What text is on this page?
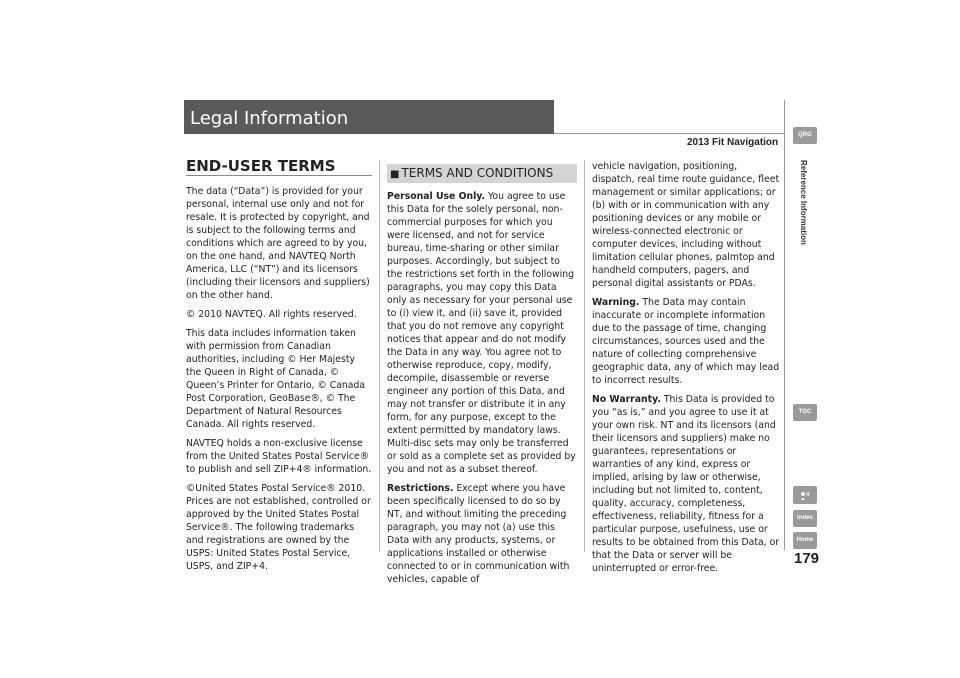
Legal Information
2013 Fit Navigation
QRG
Reference Information
TOC
Index
Home
179
END-USER TERMS

The data (“Data”) is provided for your personal, internal use only and not for resale. It is protected by copyright, and is subject to the following terms and conditions which are agreed to by you, on the one hand, and NAVTEQ North America, LLC (“NT”) and its licensors (including their licensors and suppliers) on the other hand.

© 2010 NAVTEQ. All rights reserved.

This data includes information taken with permission from Canadian authorities, including © Her Majesty the Queen in Right of Canada, © Queen’s Printer for Ontario, © Canada Post Corporation, GeoBase®, © The Department of Natural Resources Canada. All rights reserved.

NAVTEQ holds a non-exclusive license from the United States Postal Service® to publish and sell ZIP+4® information.

©United States Postal Service® 2010. Prices are not established, controlled or approved by the United States Postal Service®. The following trademarks and registrations are owned by the USPS: United States Postal Service, USPS, and ZIP+4.

■ TERMS AND CONDITIONS

Personal Use Only. You agree to use this Data for the solely personal, non-commercial purposes for which you were licensed, and not for service bureau, time-sharing or other similar purposes. Accordingly, but subject to the restrictions set forth in the following paragraphs, you may copy this Data only as necessary for your personal use to (i) view it, and (ii) save it, provided that you do not remove any copyright notices that appear and do not modify the Data in any way. You agree not to otherwise reproduce, copy, modify, decompile, disassemble or reverse engineer any portion of this Data, and may not transfer or distribute it in any form, for any purpose, except to the extent permitted by mandatory laws. Multi-disc sets may only be transferred or sold as a complete set as provided by you and not as a subset thereof.

Restrictions. Except where you have been specifically licensed to do so by NT, and without limiting the preceding paragraph, you may not (a) use this Data with any products, systems, or applications installed or otherwise connected to or in communication with vehicles, capable of

vehicle navigation, positioning, dispatch, real time route guidance, fleet management or similar applications; or (b) with or in communication with any positioning devices or any mobile or wireless-connected electronic or computer devices, including without limitation cellular phones, palmtop and handheld computers, pagers, and personal digital assistants or PDAs.

Warning. The Data may contain inaccurate or incomplete information due to the passage of time, changing circumstances, sources used and the nature of collecting comprehensive geographic data, any of which may lead to incorrect results.

No Warranty. This Data is provided to you “as is,” and you agree to use it at your own risk. NT and its licensors (and their licensors and suppliers) make no guarantees, representations or warranties of any kind, express or implied, arising by law or otherwise, including but not limited to, content, quality, accuracy, completeness, effectiveness, reliability, fitness for a particular purpose, usefulness, use or results to be obtained from this Data, or that the Data or server will be uninterrupted or error-free.
